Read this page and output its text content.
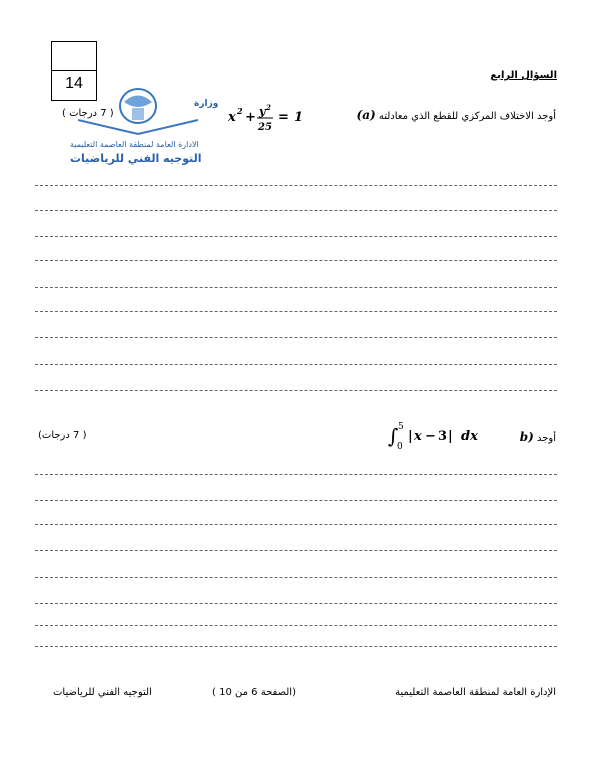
14	السؤال الرابع
(a) أوجد الاختلاف المركزي للقطع الذي معادلته
x 2 + y 2
25
= 1
( 7 درجات )
وزارة
الادارة العامة لمنطقة العاصمة التعليمية
التوجيه الفني للرياضيات
b) أوجد
∫ 5
0
| x − 3 | dx
( 7 درجات)
الإدارة العامة لمنطقة العاصمة التعليمية
(الصفحة 6 من 10 )
التوجيه الفني للرياضيات
